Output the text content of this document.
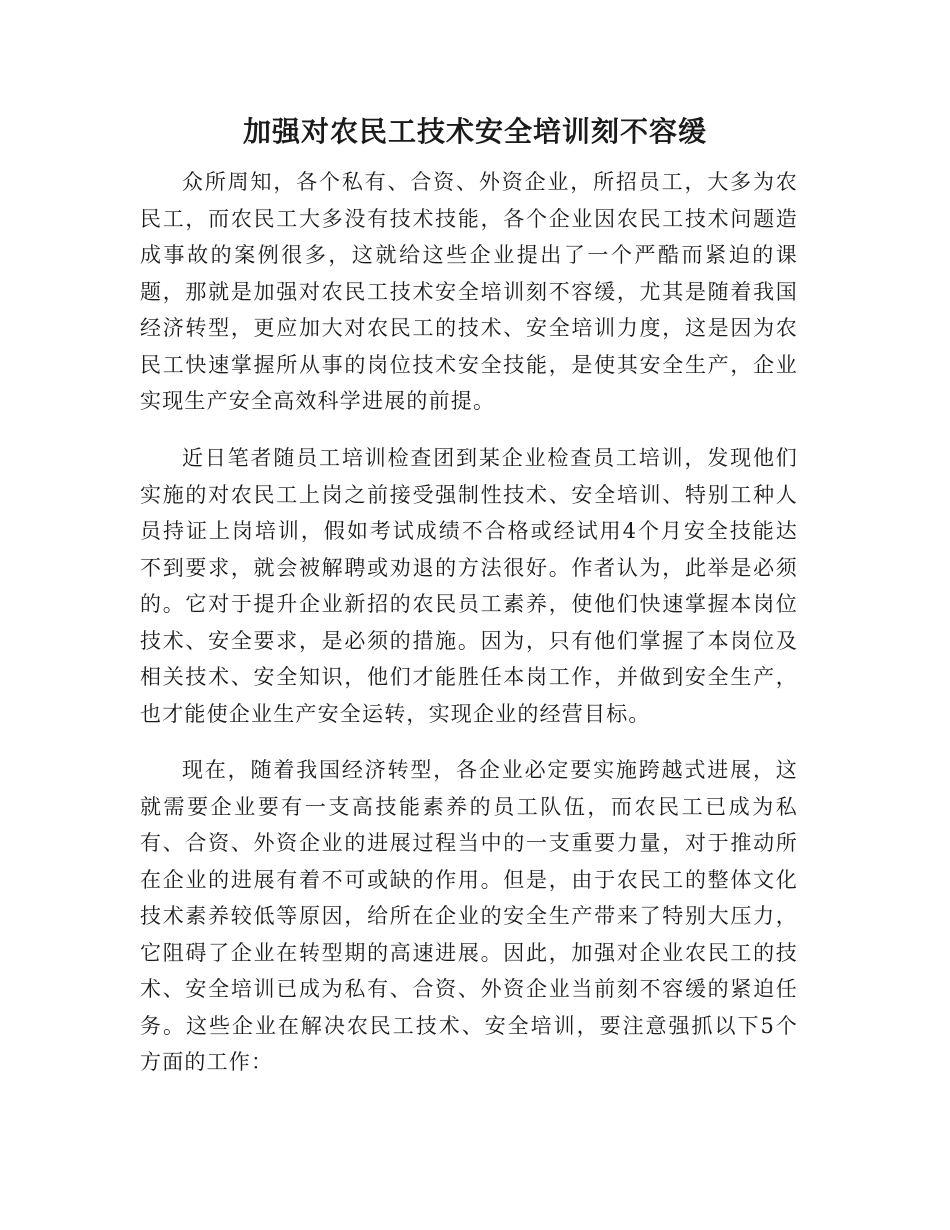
加强对农民工技术安全培训刻不容缓

众所周知，各个私有、合资、外资企业，所招员工，大多为农民工，而农民工大多没有技术技能，各个企业因农民工技术问题造成事故的案例很多，这就给这些企业提出了一个严酷而紧迫的课题，那就是加强对农民工技术安全培训刻不容缓，尤其是随着我国经济转型，更应加大对农民工的技术、安全培训力度，这是因为农民工快速掌握所从事的岗位技术安全技能，是使其安全生产，企业实现生产安全高效科学进展的前提。

近日笔者随员工培训检查团到某企业检查员工培训，发现他们实施的对农民工上岗之前接受强制性技术、安全培训、特别工种人员持证上岗培训，假如考试成绩不合格或经试用4个月安全技能达不到要求，就会被解聘或劝退的方法很好。作者认为，此举是必须的。它对于提升企业新招的农民员工素养，使他们快速掌握本岗位技术、安全要求，是必须的措施。因为，只有他们掌握了本岗位及相关技术、安全知识，他们才能胜任本岗工作，并做到安全生产，也才能使企业生产安全运转，实现企业的经营目标。

现在，随着我国经济转型，各企业必定要实施跨越式进展，这就需要企业要有一支高技能素养的员工队伍，而农民工已成为私有、合资、外资企业的进展过程当中的一支重要力量，对于推动所在企业的进展有着不可或缺的作用。但是，由于农民工的整体文化技术素养较低等原因，给所在企业的安全生产带来了特别大压力，它阻碍了企业在转型期的高速进展。因此，加强对企业农民工的技术、安全培训已成为私有、合资、外资企业当前刻不容缓的紧迫任务。这些企业在解决农民工技术、安全培训，要注意强抓以下5个方面的工作：
